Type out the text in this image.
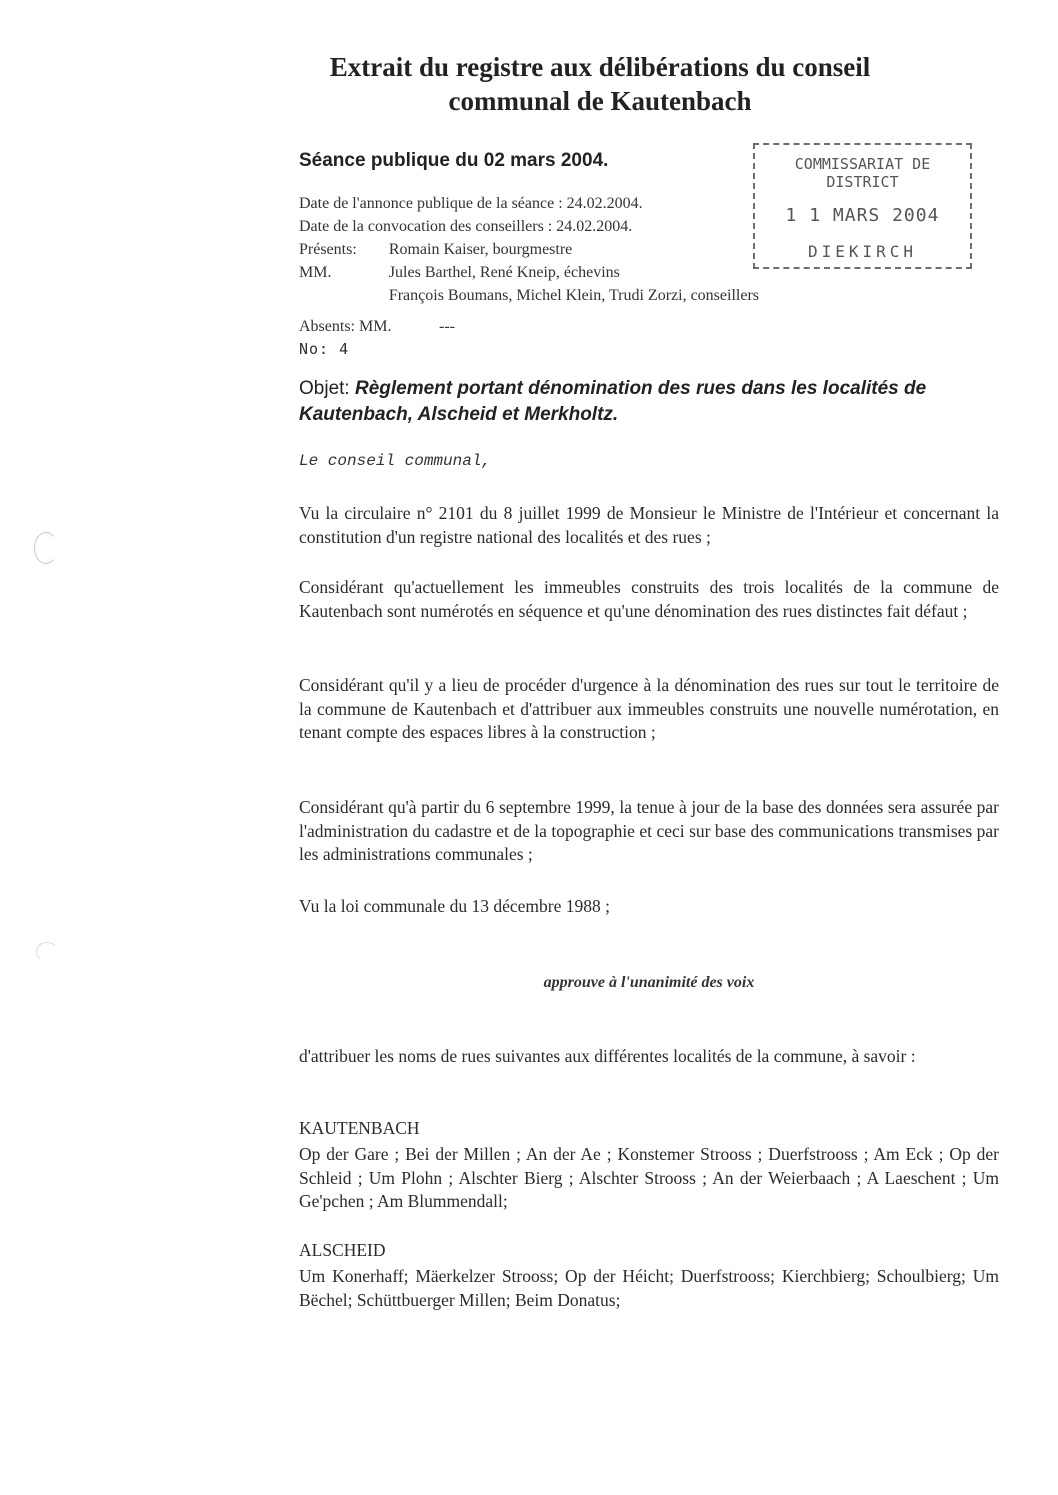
Extrait du registre aux délibérations du conseil
communal de Kautenbach
Séance publique du 02 mars 2004.
Date de l'annonce publique de la séance : 24.02.2004.
Date de la convocation des conseillers : 24.02.2004.
Présents: MM.
Romain Kaiser, bourgmestre
Jules Barthel, René Kneip, échevins
François Boumans, Michel Klein, Trudi Zorzi, conseillers
Absents: MM.	---
No: 4
COMMISSARIAT DE DISTRICT
1 1 MARS 2004
DIEKIRCH
Objet: Règlement portant dénomination des rues dans les localités de Kautenbach, Alscheid et Merkholtz.
Le conseil communal,
Vu la circulaire n° 2101 du 8 juillet 1999 de Monsieur le Ministre de l'Intérieur et concernant la constitution d'un registre national des localités et des rues ;
Considérant qu'actuellement les immeubles construits des trois localités de la commune de Kautenbach sont numérotés en séquence et qu'une dénomination des rues distinctes fait défaut ;
Considérant qu'il y a lieu de procéder d'urgence à la dénomination des rues sur tout le territoire de la commune de Kautenbach et d'attribuer aux immeubles construits une nouvelle numérotation, en tenant compte des espaces libres à la construction ;
Considérant qu'à partir du 6 septembre 1999, la tenue à jour de la base des données sera assurée par l'administration du cadastre et de la topographie et ceci sur base des communications transmises par les administrations communales ;
Vu la loi communale du 13 décembre 1988 ;
approuve à l'unanimité des voix
d'attribuer les noms de rues suivantes aux différentes localités de la commune, à savoir :
KAUTENBACH
Op der Gare ; Bei der Millen ; An der Ae ; Konstemer Strooss ; Duerfstrooss ; Am Eck ; Op der Schleid ; Um Plohn ; Alschter Bierg ; Alschter Strooss ; An der Weierbaach ; A Laeschent ; Um Ge'pchen ; Am Blummendall;
ALSCHEID
Um Konerhaff; Mäerkelzer Strooss; Op der Héicht; Duerfstrooss; Kierchbierg; Schoulbierg; Um Bëchel; Schüttbuerger Millen; Beim Donatus;
